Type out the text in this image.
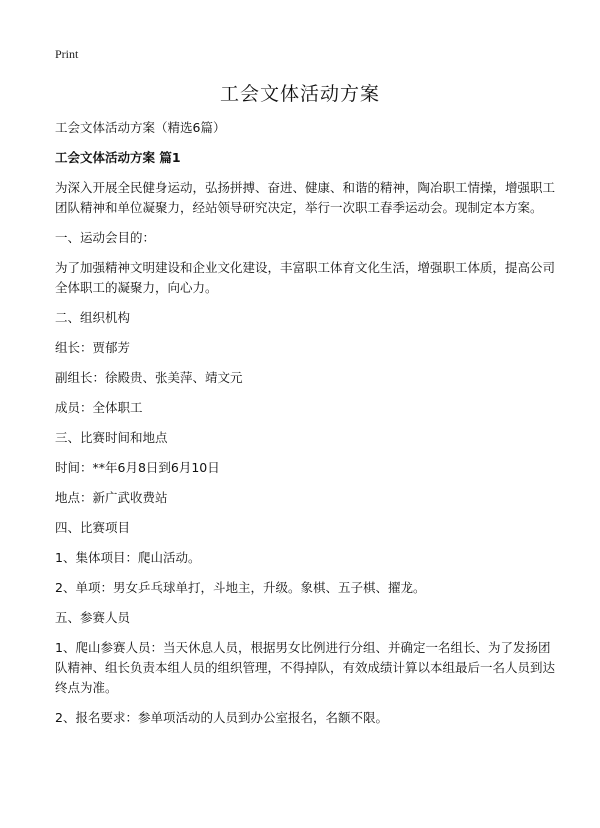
Print
工会文体活动方案

工会文体活动方案（精选6篇）

工会文体活动方案 篇1

为深入开展全民健身运动，弘扬拼搏、奋进、健康、和谐的精神，陶冶职工情操，增强职工团队精神和单位凝聚力，经站领导研究决定，举行一次职工春季运动会。现制定本方案。

一、运动会目的：

为了加强精神文明建设和企业文化建设，丰富职工体育文化生活，增强职工体质，提高公司全体职工的凝聚力，向心力。

二、组织机构

组长：贾郁芳

副组长：徐殿贵、张美萍、靖文元

成员：全体职工

三、比赛时间和地点

时间：**年6月8日到6月10日

地点：新广武收费站

四、比赛项目

1、集体项目：爬山活动。

2、单项：男女乒乓球单打，斗地主，升级。象棋、五子棋、擢龙。

五、参赛人员

1、爬山参赛人员：当天休息人员，根据男女比例进行分组、并确定一名组长、为了发扬团队精神、组长负责本组人员的组织管理，不得掉队，有效成绩计算以本组最后一名人员到达终点为准。

2、报名要求：参单项活动的人员到办公室报名，名额不限。
